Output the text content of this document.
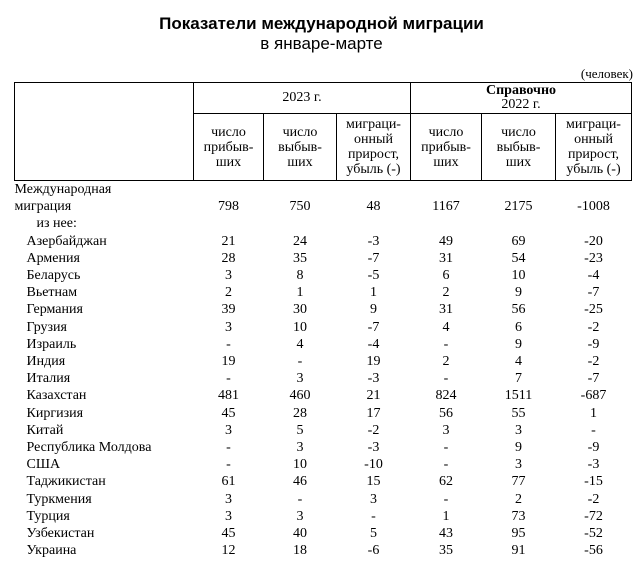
Показатели международной миграции
в январе-марте
(человек)
	2023 г.			Справочно
2022 г.		

	число
прибыв-
ших	число
выбыв-
ших	миграци-
онный
прирост,
убыль (-)	число
прибыв-
ших	число
выбыв-
ших	миграци-
онный
прирост,
убыль (-)

Международная						
миграция	798	750	48	1167	2175	-1008
из нее:						
Азербайджан	21	24	-3	49	69	-20
Армения	28	35	-7	31	54	-23
Беларусь	3	8	-5	6	10	-4
Вьетнам	2	1	1	2	9	-7
Германия	39	30	9	31	56	-25
Грузия	3	10	-7	4	6	-2
Израиль	-	4	-4	-	9	-9
Индия	19	-	19	2	4	-2
Италия	-	3	-3	-	7	-7
Казахстан	481	460	21	824	1511	-687
Киргизия	45	28	17	56	55	1
Китай	3	5	-2	3	3	-
Республика Молдова	-	3	-3	-	9	-9
США	-	10	-10	-	3	-3
Таджикистан	61	46	15	62	77	-15
Туркмения	3	-	3	-	2	-2
Турция	3	3	-	1	73	-72
Узбекистан	45	40	5	43	95	-52
Украина	12	18	-6	35	91	-56
